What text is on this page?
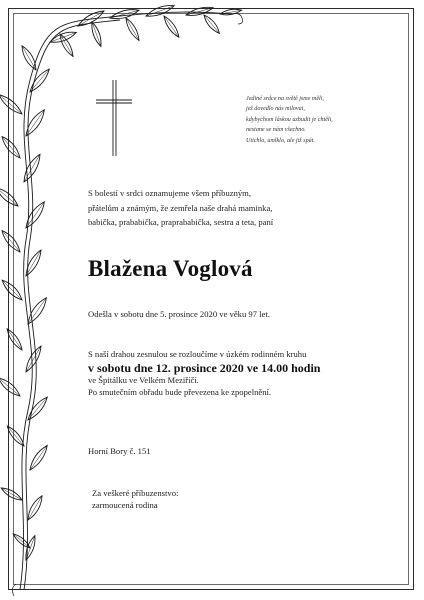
Jediné srdce na světě jsme měli,
jež dovedlo nás milovat,
kdybychom láskou uzbudit je chtěli,
nestane se nám všechno.
Utichlo, umlklo, ale již spát.
S bolestí v srdci oznamujeme všem příbuzným,
přátelům a známým, že zemřela naše drahá maminka,
babička, prababička, praprababička, sestra a teta, paní
Blažena Voglová
Odešla v sobotu dne 5. prosince 2020 ve věku 97 let.
S naší drahou zesnulou se rozloučíme v úzkém rodinném kruhu
v sobotu dne 12. prosince 2020 ve 14.00 hodin
ve Špitálku ve Velkém Meziříčí.
Po smutečním obřadu bude převezena ke zpopelnění.
Horní Bory č. 151
Za veškeré příbuzenstvo:
zarmoucená rodina
